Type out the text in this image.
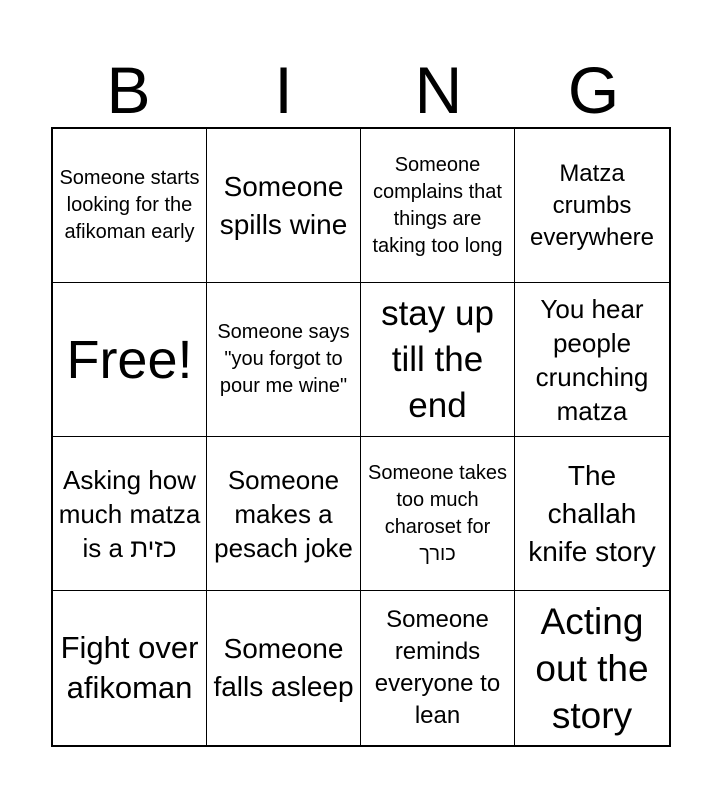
B	I	N	G
Someone starts looking for the afikoman early
Someone spills wine
Someone complains that things are taking too long
Matza crumbs everywhere
Free!	Someone says "you forgot to pour me wine"
stay up till the end
You hear people crunching matza
Asking how much matza is a כזית
Someone makes a pesach joke
Someone takes too much charoset for כורך
The challah knife story
Fight over afikoman
Someone falls asleep
Someone reminds everyone to lean
Acting out the story
